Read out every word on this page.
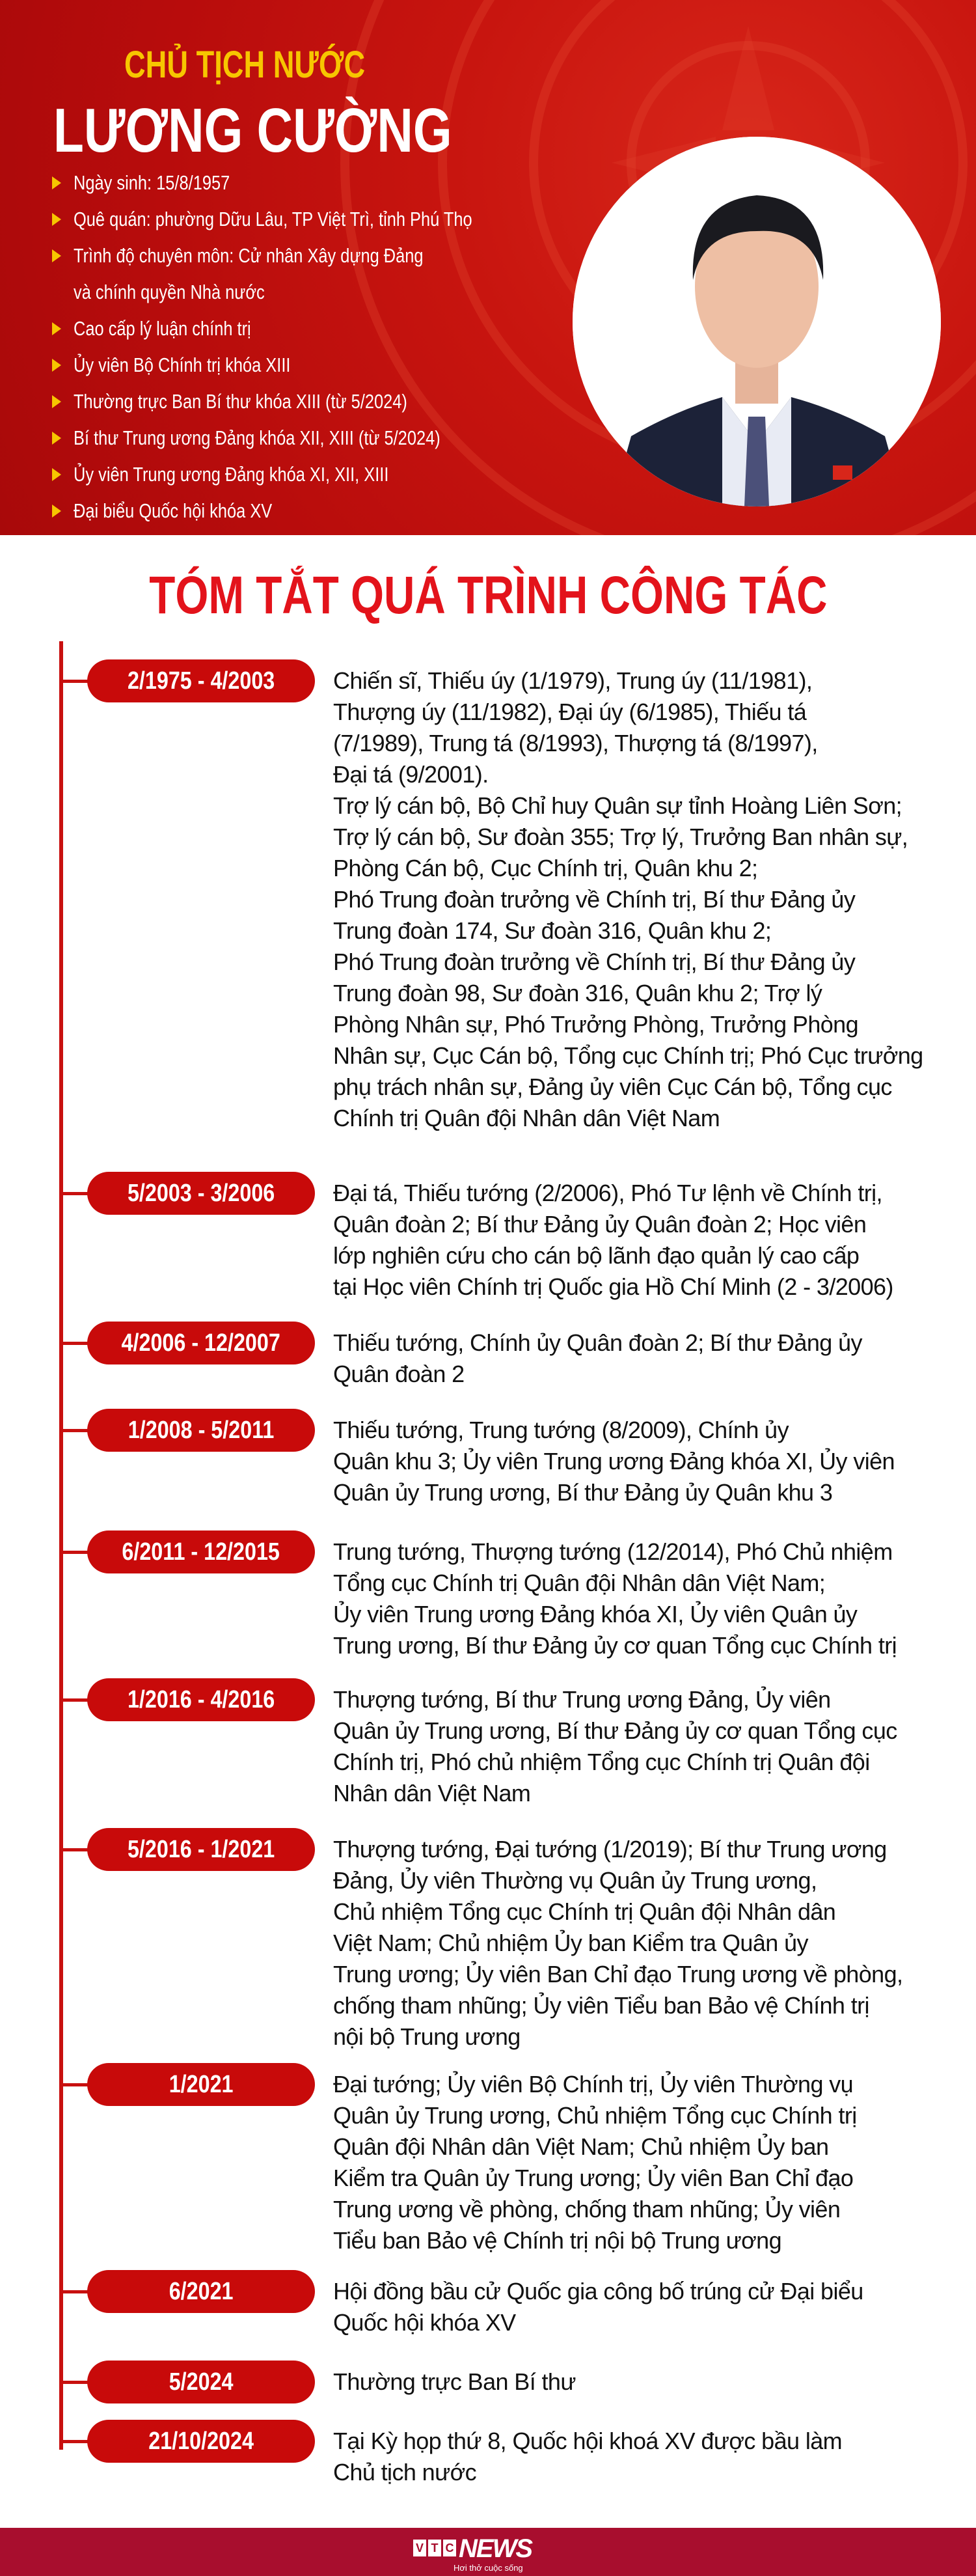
CHỦ TỊCH NƯỚC
LƯƠNG CƯỜNG
Ngày sinh: 15/8/1957
Quê quán: phường Dữu Lâu, TP Việt Trì, tỉnh Phú Thọ
Trình độ chuyên môn: Cử nhân Xây dựng Đảng
và chính quyền Nhà nước
Cao cấp lý luận chính trị
Ủy viên Bộ Chính trị khóa XIII
Thường trực Ban Bí thư khóa XIII (từ 5/2024)
Bí thư Trung ương Đảng khóa XII, XIII (từ 5/2024)
Ủy viên Trung ương Đảng khóa XI, XII, XIII
Đại biểu Quốc hội khóa XV
TÓM TẮT QUÁ TRÌNH CÔNG TÁC
2/1975 - 4/2003 Chiến sĩ, Thiếu úy (1/1979), Trung úy (11/1981),
Thượng úy (11/1982), Đại úy (6/1985), Thiếu tá
(7/1989), Trung tá (8/1993), Thượng tá (8/1997),
Đại tá (9/2001).
Trợ lý cán bộ, Bộ Chỉ huy Quân sự tỉnh Hoàng Liên Sơn;
Trợ lý cán bộ, Sư đoàn 355; Trợ lý, Trưởng Ban nhân sự,
Phòng Cán bộ, Cục Chính trị, Quân khu 2;
Phó Trung đoàn trưởng về Chính trị, Bí thư Đảng ủy
Trung đoàn 174, Sư đoàn 316, Quân khu 2;
Phó Trung đoàn trưởng về Chính trị, Bí thư Đảng ủy
Trung đoàn 98, Sư đoàn 316, Quân khu 2; Trợ lý
Phòng Nhân sự, Phó Trưởng Phòng, Trưởng Phòng
Nhân sự, Cục Cán bộ, Tổng cục Chính trị; Phó Cục trưởng
phụ trách nhân sự, Đảng ủy viên Cục Cán bộ, Tổng cục
Chính trị Quân đội Nhân dân Việt Nam
5/2003 - 3/2006 Đại tá, Thiếu tướng (2/2006), Phó Tư lệnh về Chính trị,
Quân đoàn 2; Bí thư Đảng ủy Quân đoàn 2; Học viên
lớp nghiên cứu cho cán bộ lãnh đạo quản lý cao cấp
tại Học viên Chính trị Quốc gia Hồ Chí Minh (2 - 3/2006)
4/2006 - 12/2007 Thiếu tướng, Chính ủy Quân đoàn 2; Bí thư Đảng ủy
Quân đoàn 2
1/2008 - 5/2011	Thiếu tướng, Trung tướng (8/2009), Chính ủy
Quân khu 3; Ủy viên Trung ương Đảng khóa XI, Ủy viên
Quân ủy Trung ương, Bí thư Đảng ủy Quân khu 3
6/2011 - 12/2015 Trung tướng, Thượng tướng (12/2014), Phó Chủ nhiệm
Tổng cục Chính trị Quân đội Nhân dân Việt Nam;
Ủy viên Trung ương Đảng khóa XI, Ủy viên Quân ủy
Trung ương, Bí thư Đảng ủy cơ quan Tổng cục Chính trị
1/2016 - 4/2016 Thượng tướng, Bí thư Trung ương Đảng, Ủy viên
Quân ủy Trung ương, Bí thư Đảng ủy cơ quan Tổng cục
Chính trị, Phó chủ nhiệm Tổng cục Chính trị Quân đội
Nhân dân Việt Nam
5/2016 - 1/2021 Thượng tướng, Đại tướng (1/2019); Bí thư Trung ương
Đảng, Ủy viên Thường vụ Quân ủy Trung ương,
Chủ nhiệm Tổng cục Chính trị Quân đội Nhân dân
Việt Nam; Chủ nhiệm Ủy ban Kiểm tra Quân ủy
Trung ương; Ủy viên Ban Chỉ đạo Trung ương về phòng,
chống tham nhũng; Ủy viên Tiểu ban Bảo vệ Chính trị
nội bộ Trung ương
1/2021	Đại tướng; Ủy viên Bộ Chính trị, Ủy viên Thường vụ
Quân ủy Trung ương, Chủ nhiệm Tổng cục Chính trị
Quân đội Nhân dân Việt Nam; Chủ nhiệm Ủy ban
Kiểm tra Quân ủy Trung ương; Ủy viên Ban Chỉ đạo
Trung ương về phòng, chống tham nhũng; Ủy viên
Tiểu ban Bảo vệ Chính trị nội bộ Trung ương
6/2021	Hội đồng bầu cử Quốc gia công bố trúng cử Đại biểu
Quốc hội khóa XV
5/2024	Thường trực Ban Bí thư
21/10/2024	Tại Kỳ họp thứ 8, Quốc hội khoá XV được bầu làm
Chủ tịch nước
V T C NEWS
Hơi thở cuộc sống
